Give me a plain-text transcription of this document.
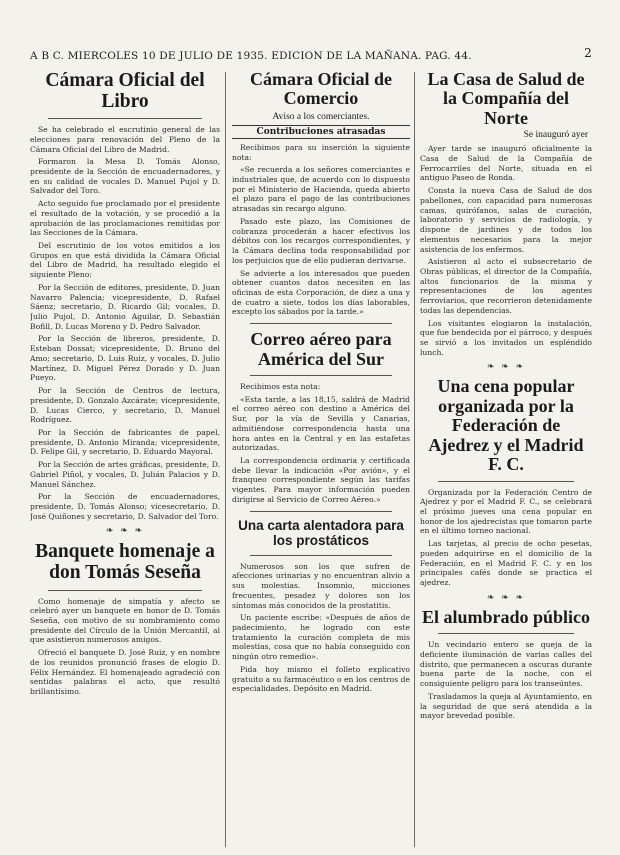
A B C. MIERCOLES 10 DE JULIO DE 1935. EDICION DE LA MAÑANA. PAG. 44.	2
Cámara Oficial del Libro

Se ha celebrado el escrutinio general de las elecciones para renovación del Pleno de la Cámara Oficial del Libro de Madrid.

Formaron la Mesa D. Tomás Alonso, presidente de la Sección de encuadernadores, y en su calidad de vocales D. Manuel Pujol y D. Salvador del Toro.

Acto seguido fue proclamado por el presidente el resultado de la votación, y se procedió a la aprobación de las proclamaciones remitidas por las Secciones de la Cámara.

Del escrutinio de los votos emitidos a los Grupos en que está dividida la Cámara Oficial del Libro de Madrid, ha resultado elegido el siguiente Pleno:

Por la Sección de editores, presidente, D. Juan Navarro Palencia; vicepresidente, D. Rafael Sáenz; secretario, D. Ricardo Gil; vocales, D. Julio Pujol, D. Antonio Aguilar, D. Sebastián Bofill, D. Lucas Moreno y D. Pedro Salvador.

Por la Sección de libreros, presidente, D. Esteban Dossat; vicepresidente, D. Bruno del Amo; secretario, D. Luis Ruiz, y vocales, D. Julio Martínez, D. Miguel Pérez Dorado y D. Juan Pueyo.

Por la Sección de Centros de lectura, presidente, D. Gonzalo Azcárate; vicepresidente, D. Lucas Cierco, y secretario, D. Manuel Rodríguez.

Por la Sección de fabricantes de papel, presidente, D. Antonio Miranda; vicepresidente, D. Felipe Gil, y secretario, D. Eduardo Mayoral.

Por la Sección de artes gráficas, presidente, D. Gabriel Piñol, y vocales, D. Julián Palacios y D. Manuel Sánchez.

Por la Sección de encuadernadores, presidente, D. Tomás Alonso; vicesecretario, D. José Quiñones y secretario, D. Salvador del Toro.

❧ ❧ ❧
Banquete homenaje a don Tomás Seseña

Como homenaje de simpatía y afecto se celebró ayer un banquete en honor de D. Tomás Seseña, con motivo de su nombramiento como presidente del Círculo de la Unión Mercantil, al que asistieron numerosos amigos.

Ofreció el banquete D. José Ruiz, y en nombre de los reunidos pronunció frases de elogio D. Félix Hernández. El homenajeado agradeció con sentidas palabras el acto, que resultó brillantísimo.

Cámara Oficial de Comercio
Aviso a los comerciantes.
Contribuciones atrasadas

Recibimos para su inserción la siguiente nota:

«Se recuerda a los señores comerciantes e industriales que, de acuerdo con lo dispuesto por el Ministerio de Hacienda, queda abierto el plazo para el pago de las contribuciones atrasadas sin recargo alguno.

Pasado este plazo, las Comisiones de cobranza procederán a hacer efectivos los débitos con los recargos correspondientes, y la Cámara declina toda responsabilidad por los perjuicios que de ello pudieran derivarse.

Se advierte a los interesados que pueden obtener cuantos datos necesiten en las oficinas de esta Corporación, de diez a una y de cuatro a siete, todos los días laborables, excepto los sábados por la tarde.»

Correo aéreo para América del Sur

Recibimos esta nota:

«Esta tarde, a las 18,15, saldrá de Madrid el correo aéreo con destino a América del Sur, por la vía de Sevilla y Canarias, admitiéndose correspondencia hasta una hora antes en la Central y en las estafetas autorizadas.

La correspondencia ordinaria y certificada debe llevar la indicación «Por avión», y el franqueo correspondiente según las tarifas vigentes. Para mayor información pueden dirigirse al Servicio de Correo Aéreo.»

Una carta alentadora para los prostáticos

Numerosos son los que sufren de afecciones urinarias y no encuentran alivio a sus molestias. Insomnio, micciones frecuentes, pesadez y dolores son los síntomas más conocidos de la prostatitis.

Un paciente escribe: «Después de años de padecimiento, he logrado con este tratamiento la curación completa de mis molestias, cosa que no había conseguido con ningún otro remedio».

Pida hoy mismo el folleto explicativo gratuito a su farmacéutico o en los centros de especialidades. Depósito en Madrid.

La Casa de Salud de la Compañía del Norte
Se inauguró ayer

Ayer tarde se inauguró oficialmente la Casa de Salud de la Compañía de Ferrocarriles del Norte, situada en el antiguo Paseo de Ronda.

Consta la nueva Casa de Salud de dos pabellones, con capacidad para numerosas camas, quirófanos, salas de curación, laboratorio y servicios de radiología, y dispone de jardines y de todos los elementos necesarios para la mejor asistencia de los enfermos.

Asistieron al acto el subsecretario de Obras públicas, el director de la Compañía, altos funcionarios de la misma y representaciones de los agentes ferroviarios, que recorrieron detenidamente todas las dependencias.

Los visitantes elogiaron la instalación, que fue bendecida por el párroco, y después se sirvió a los invitados un espléndido lunch.

❧ ❧ ❧
Una cena popular organizada por la Federación de Ajedrez y el Madrid F. C.

Organizada por la Federación Centro de Ajedrez y por el Madrid F. C., se celebrará el próximo jueves una cena popular en honor de los ajedrecistas que tomaron parte en el último torneo nacional.

Las tarjetas, al precio de ocho pesetas, pueden adquirirse en el domicilio de la Federación, en el Madrid F. C. y en los principales cafés donde se practica el ajedrez.

❧ ❧ ❧
El alumbrado público

Un vecindario entero se queja de la deficiente iluminación de varias calles del distrito, que permanecen a oscuras durante buena parte de la noche, con el consiguiente peligro para los transeúntes.

Trasladamos la queja al Ayuntamiento, en la seguridad de que será atendida a la mayor brevedad posible.
